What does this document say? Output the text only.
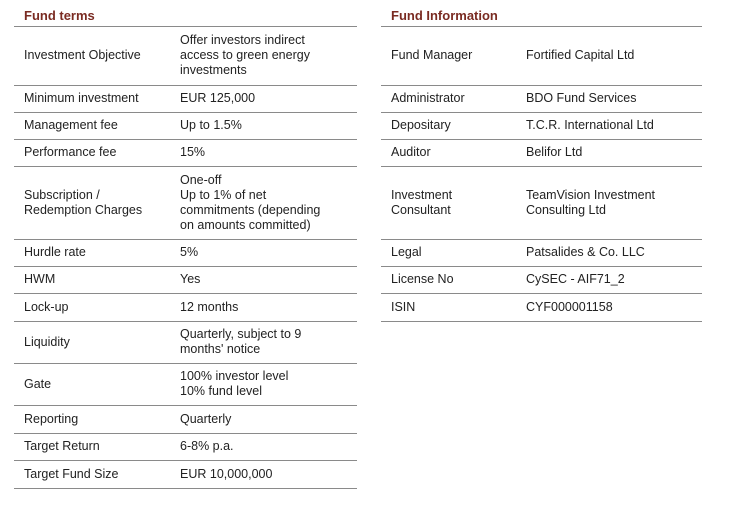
Fund terms
Investment Objective	Offer investors indirect
access to green energy
investments
Minimum investment	EUR 125,000
Management fee	Up to 1.5%
Performance fee	15%
Subscription /
Redemption Charges	One-off
Up to 1% of net
commitments (depending
on amounts committed)
Hurdle rate	5%
HWM	Yes
Lock-up	12 months
Liquidity	Quarterly, subject to 9
months' notice
Gate	100% investor level
10% fund level
Reporting	Quarterly
Target Return	6-8% p.a.
Target Fund Size	EUR 10,000,000
Fund Information
Fund Manager	Fortified Capital Ltd
Administrator	BDO Fund Services
Depositary	T.C.R. International Ltd
Auditor	Belifor Ltd
Investment
Consultant	TeamVision Investment
Consulting Ltd
Legal	Patsalides & Co. LLC
License No	CySEC - AIF71_2
ISIN	CYF000001158
